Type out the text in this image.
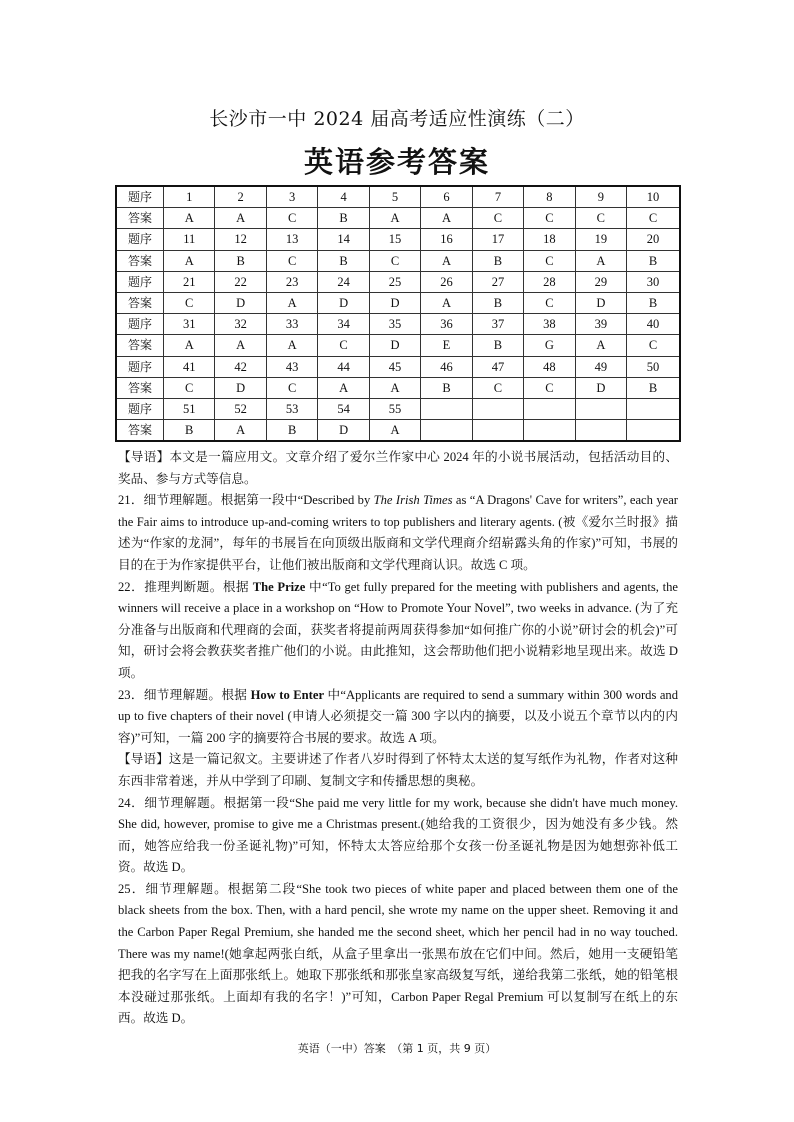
长沙市一中 2024 届高考适应性演练（二）
英语参考答案
题序	1	2	3	4	5	6	7	8	9	10
答案	A	A	C	B	A	A	C	C	C	C
题序	11	12	13	14	15	16	17	18	19	20
答案	A	B	C	B	C	A	B	C	A	B
题序	21	22	23	24	25	26	27	28	29	30
答案	C	D	A	D	D	A	B	C	D	B
题序	31	32	33	34	35	36	37	38	39	40
答案	A	A	A	C	D	E	B	G	A	C
题序	41	42	43	44	45	46	47	48	49	50
答案	C	D	C	A	A	B	C	C	D	B
题序	51	52	53	54	55					
答案	B	A	B	D	A					

【导语】本文是一篇应用文。文章介绍了爱尔兰作家中心 2024 年的小说书展活动，包括活动目的、奖品、参与方式等信息。

21．细节理解题。根据第一段中“Described by The Irish Times as “A Dragons' Cave for writers”, each year the Fair aims to introduce up-and-coming writers to top publishers and literary agents. (被《爱尔兰时报》描述为“作家的龙洞”，每年的书展旨在向顶级出版商和文学代理商介绍崭露头角的作家)”可知，书展的目的在于为作家提供平台，让他们被出版商和文学代理商认识。故选 C 项。

22．推理判断题。根据 The Prize 中“To get fully prepared for the meeting with publishers and agents, the winners will receive a place in a workshop on “How to Promote Your Novel”, two weeks in advance. (为了充分准备与出版商和代理商的会面，获奖者将提前两周获得参加“如何推广你的小说”研讨会的机会)”可知，研讨会将会教获奖者推广他们的小说。由此推知，这会帮助他们把小说精彩地呈现出来。故选 D 项。

23．细节理解题。根据 How to Enter 中“Applicants are required to send a summary within 300 words and up to five chapters of their novel (申请人必须提交一篇 300 字以内的摘要，以及小说五个章节以内的内容)”可知，一篇 200 字的摘要符合书展的要求。故选 A 项。

【导语】这是一篇记叙文。主要讲述了作者八岁时得到了怀特太太送的复写纸作为礼物，作者对这种东西非常着迷，并从中学到了印刷、复制文字和传播思想的奥秘。

24．细节理解题。根据第一段“She paid me very little for my work, because she didn't have much money. She did, however, promise to give me a Christmas present.(她给我的工资很少，因为她没有多少钱。然而，她答应给我一份圣诞礼物)”可知，怀特太太答应给那个女孩一份圣诞礼物是因为她想弥补低工资。故选 D。

25．细节理解题。根据第二段“She took two pieces of white paper and placed between them one of the black sheets from the box. Then, with a hard pencil, she wrote my name on the upper sheet. Removing it and the Carbon Paper Regal Premium, she handed me the second sheet, which her pencil had in no way touched. There was my name!(她拿起两张白纸，从盒子里拿出一张黑布放在它们中间。然后，她用一支硬铅笔把我的名字写在上面那张纸上。她取下那张纸和那张皇家高级复写纸，递给我第二张纸，她的铅笔根本没碰过那张纸。上面却有我的名字！)”可知，Carbon Paper Regal Premium 可以复制写在纸上的东西。故选 D。

英语（一中）答案　（第 1 页，共 9 页）
